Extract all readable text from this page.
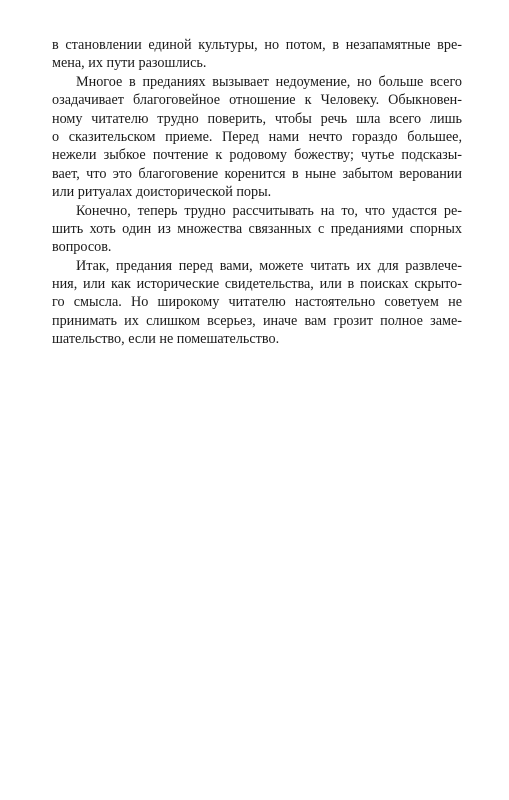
в становлении единой культуры, но потом, в незапамятные вре-
мена, их пути разошлись.
Многое в преданиях вызывает недоумение, но больше всего
озадачивает благоговейное отношение к Человеку. Обыкновен-
ному читателю трудно поверить, чтобы речь шла всего лишь
о сказительском приеме. Перед нами нечто гораздо большее,
нежели зыбкое почтение к родовому божеству; чутье подсказы-
вает, что это благоговение коренится в ныне забытом веровании
или ритуалах доисторической поры.
Конечно, теперь трудно рассчитывать на то, что удастся ре-
шить хоть один из множества связанных с преданиями спорных
вопросов.
Итак, предания перед вами, можете читать их для развлече-
ния, или как исторические свидетельства, или в поисках скрыто-
го смысла. Но широкому читателю настоятельно советуем не
принимать их слишком всерьез, иначе вам грозит полное заме-
шательство, если не помешательство.
